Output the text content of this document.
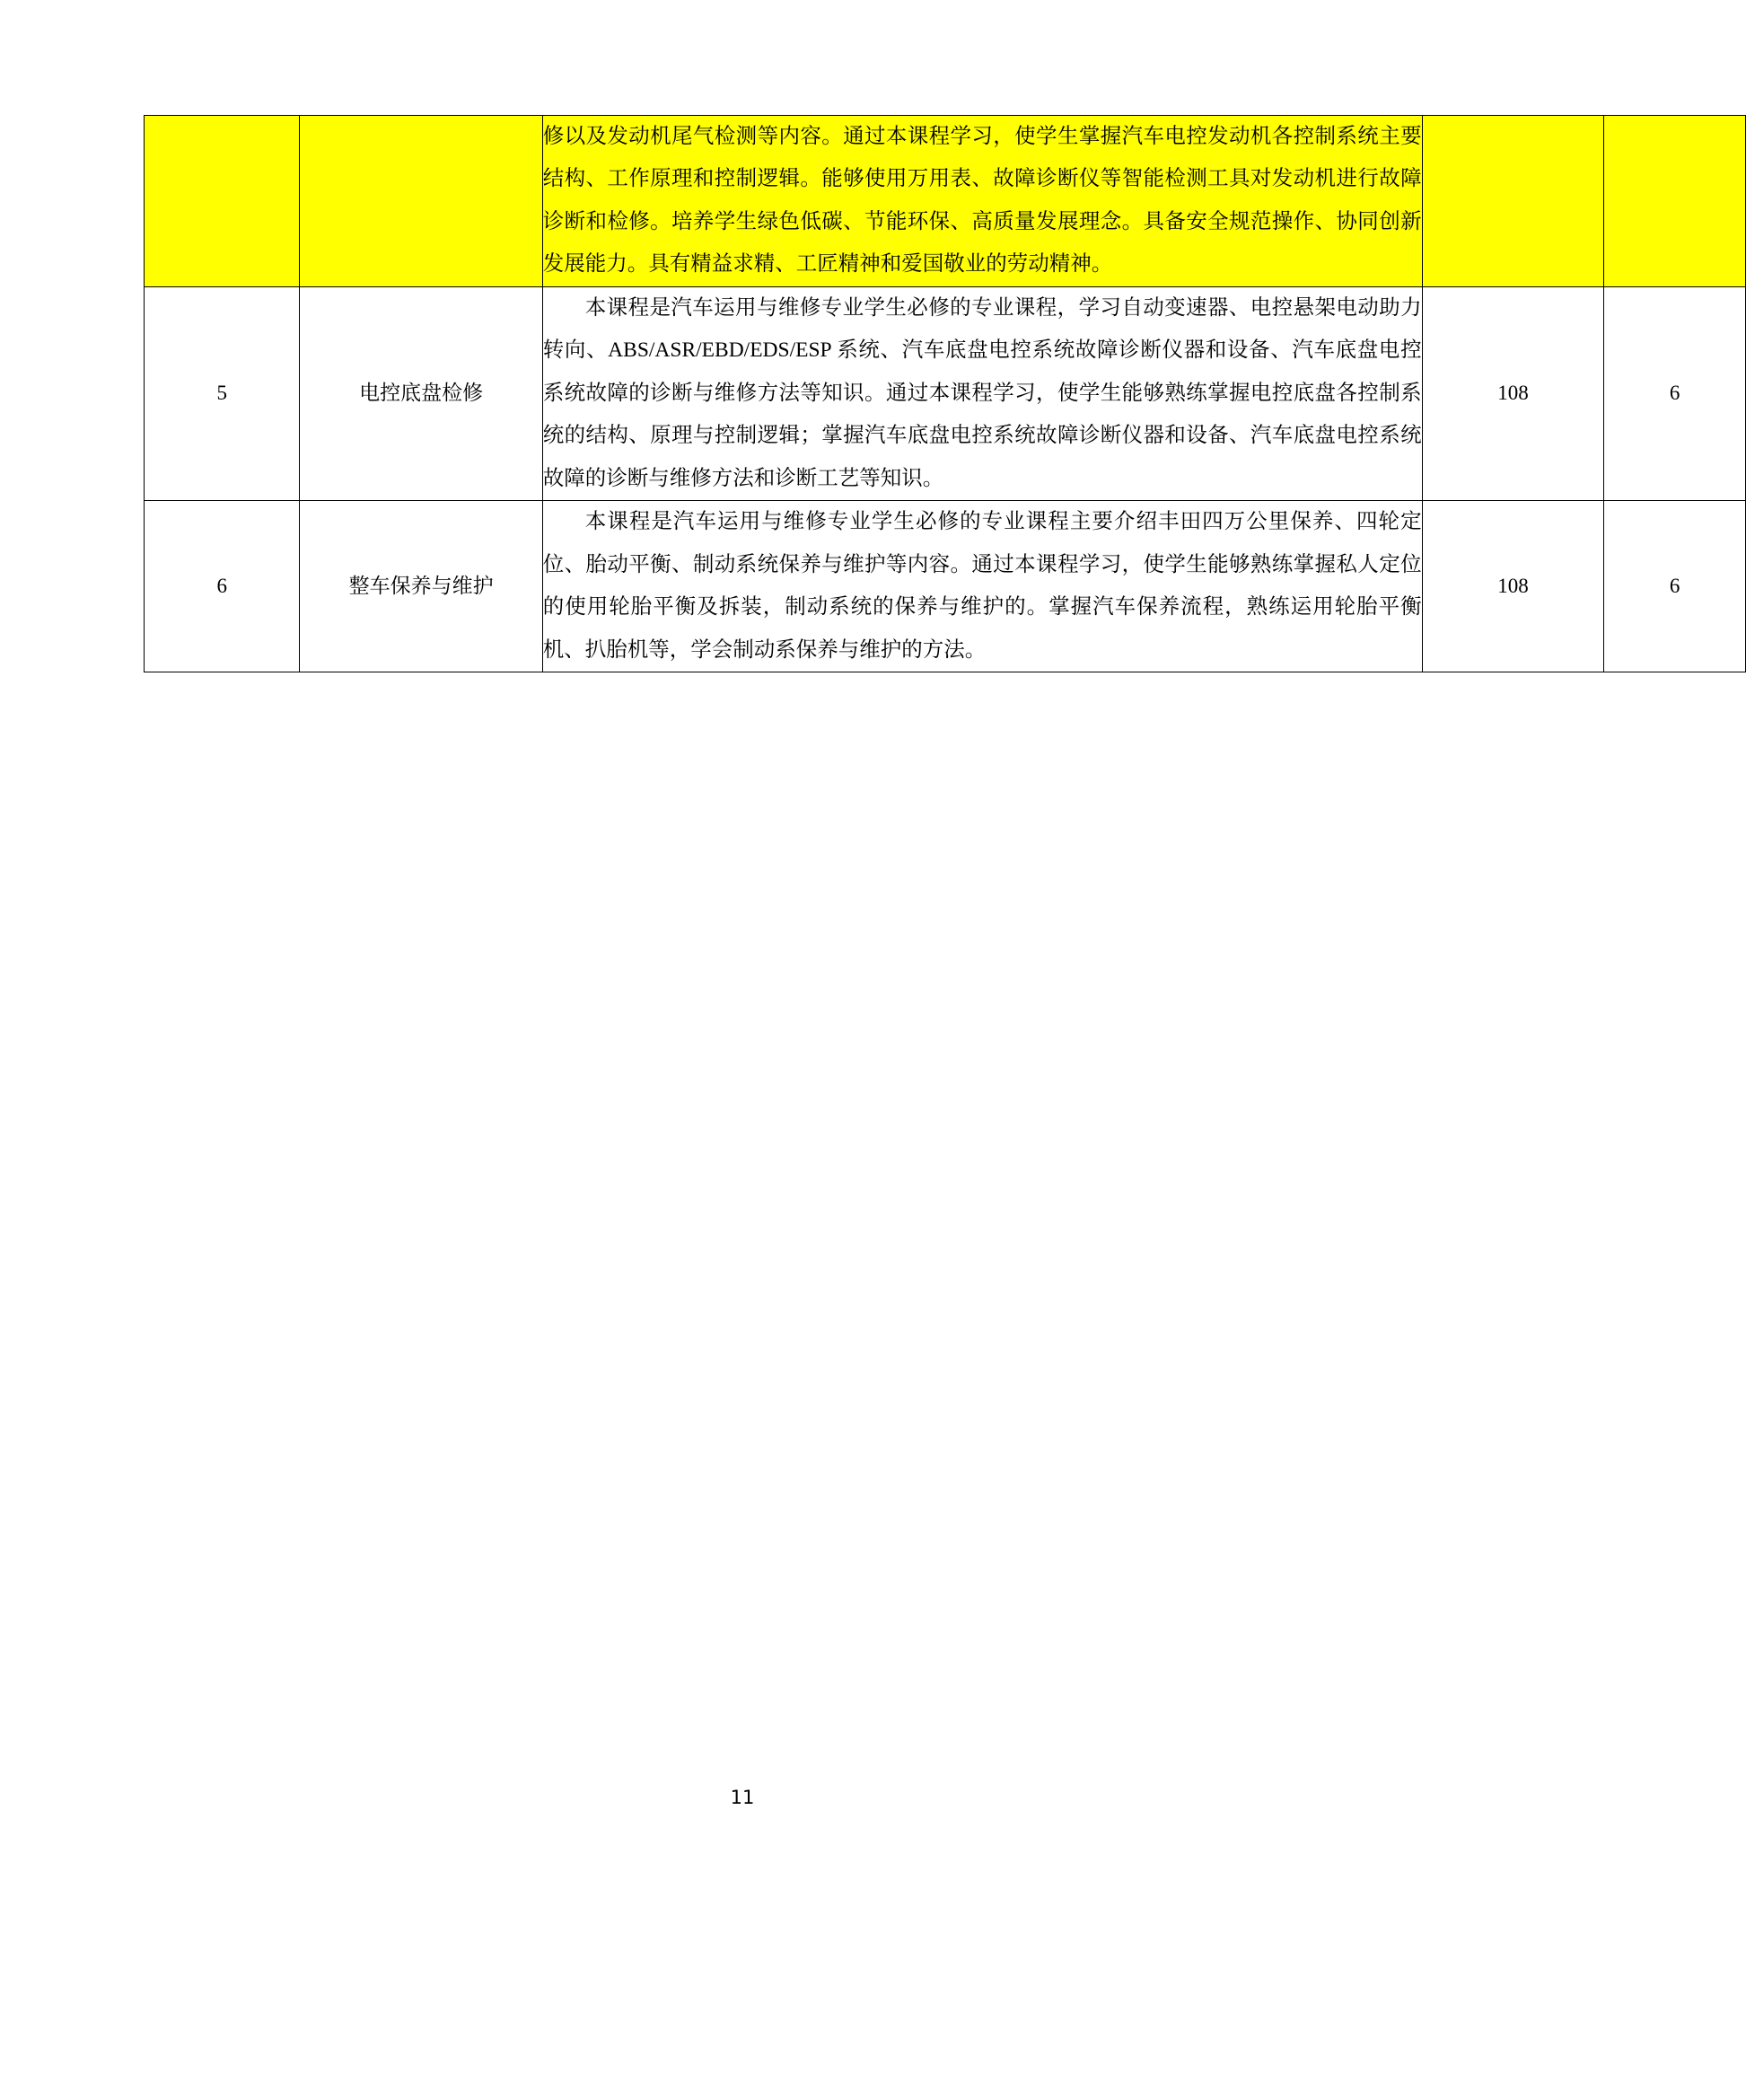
		修以及发动机尾气检测等内容。通过本课程学习，使学生掌握汽车电控发动机各控制系统主要结构、工作原理和控制逻辑。能够使用万用表、故障诊断仪等智能检测工具对发动机进行故障诊断和检修。培养学生绿色低碳、节能环保、高质量发展理念。具备安全规范操作、协同创新发展能力。具有精益求精、工匠精神和爱国敬业的劳动精神。		
5	电控底盘检修	本课程是汽车运用与维修专业学生必修的专业课程，学习自动变速器、电控悬架电动助力转向、ABS/ASR/EBD/EDS/ESP 系统、汽车底盘电控系统故障诊断仪器和设备、汽车底盘电控系统故障的诊断与维修方法等知识。通过本课程学习，使学生能够熟练掌握电控底盘各控制系统的结构、原理与控制逻辑；掌握汽车底盘电控系统故障诊断仪器和设备、汽车底盘电控系统故障的诊断与维修方法和诊断工艺等知识。	108	6
6	整车保养与维护	本课程是汽车运用与维修专业学生必修的专业课程主要介绍丰田四万公里保养、四轮定位、胎动平衡、制动系统保养与维护等内容。通过本课程学习，使学生能够熟练掌握私人定位的使用轮胎平衡及拆装，制动系统的保养与维护的。掌握汽车保养流程，熟练运用轮胎平衡机、扒胎机等，学会制动系保养与维护的方法。	108	6
11
